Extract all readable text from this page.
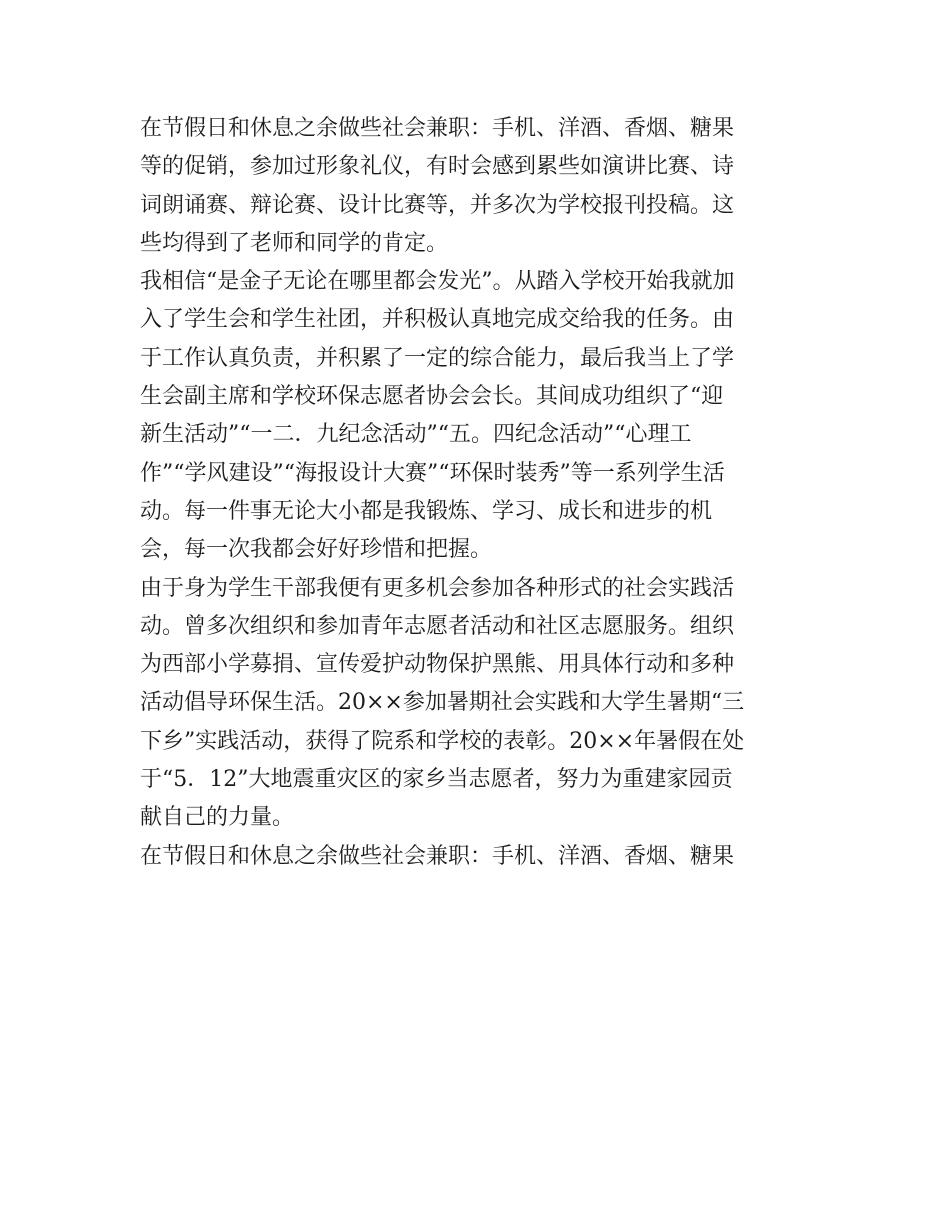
在节假日和休息之余做些社会兼职：手机、洋酒、香烟、糖果
等的促销，参加过形象礼仪，有时会感到累些如演讲比赛、诗
词朗诵赛、辩论赛、设计比赛等，并多次为学校报刊投稿。这
些均得到了老师和同学的肯定。
我相信“是金子无论在哪里都会发光”。从踏入学校开始我就加
入了学生会和学生社团，并积极认真地完成交给我的任务。由
于工作认真负责，并积累了一定的综合能力，最后我当上了学
生会副主席和学校环保志愿者协会会长。其间成功组织了“迎
新生活动”“一二．九纪念活动”“五。四纪念活动”“心理工
作”“学风建设”“海报设计大赛”“环保时装秀”等一系列学生活
动。每一件事无论大小都是我锻炼、学习、成长和进步的机
会，每一次我都会好好珍惜和把握。
由于身为学生干部我便有更多机会参加各种形式的社会实践活
动。曾多次组织和参加青年志愿者活动和社区志愿服务。组织
为西部小学募捐、宣传爱护动物保护黑熊、用具体行动和多种
活动倡导环保生活。20××参加暑期社会实践和大学生暑期“三
下乡”实践活动，获得了院系和学校的表彰。20××年暑假在处
于“5．12”大地震重灾区的家乡当志愿者，努力为重建家园贡
献自己的力量。
在节假日和休息之余做些社会兼职：手机、洋酒、香烟、糖果
